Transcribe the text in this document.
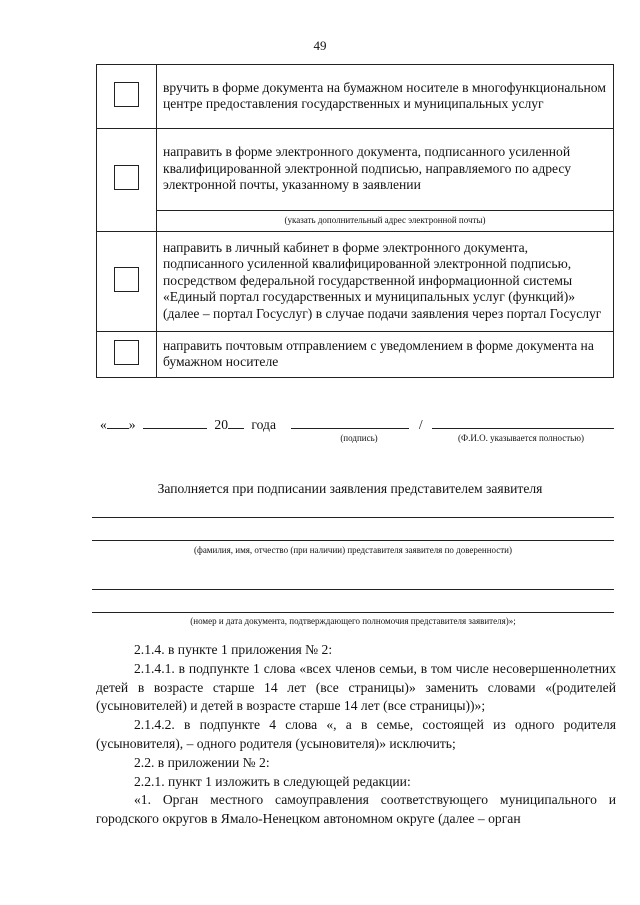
49
	вручить в форме документа на бумажном носителе в многофункциональном центре предоставления государственных и муниципальных услуг
	направить в форме электронного документа, подписанного усиленной квалифицированной электронной подписью, направляемого по адресу электронной почты, указанному в заявлении
	(указать дополнительный адрес электронной почты)
	направить в личный кабинет в форме электронного документа, подписанного усиленной квалифицированной электронной подписью, посредством федеральной государственной информационной системы «Единый портал государственных и муниципальных услуг (функций)» (далее – портал Госуслуг) в случае подачи заявления через портал Госуслуг
	направить почтовым отправлением с уведомлением в форме документа на бумажном носителе
« »	20 года	/
(подпись)	(Ф.И.О. указывается полностью)
Заполняется при подписании заявления представителем заявителя
(фамилия, имя, отчество (при наличии) представителя заявителя по доверенности)
(номер и дата документа, подтверждающего полномочия представителя заявителя)»;

2.1.4. в пункте 1 приложения № 2:

2.1.4.1. в подпункте 1 слова «всех членов семьи, в том числе несовершеннолетних детей в возрасте старше 14 лет (все страницы)» заменить словами «(родителей (усыновителей) и детей в возрасте старше 14 лет (все страницы))»;

2.1.4.2. в подпункте 4 слова «, а в семье, состоящей из одного родителя (усыновителя), – одного родителя (усыновителя)» исключить;

2.2. в приложении № 2:

2.2.1. пункт 1 изложить в следующей редакции:

«1. Орган местного самоуправления соответствующего муниципального и городского округов в Ямало-Ненецком автономном округе (далее – орган
